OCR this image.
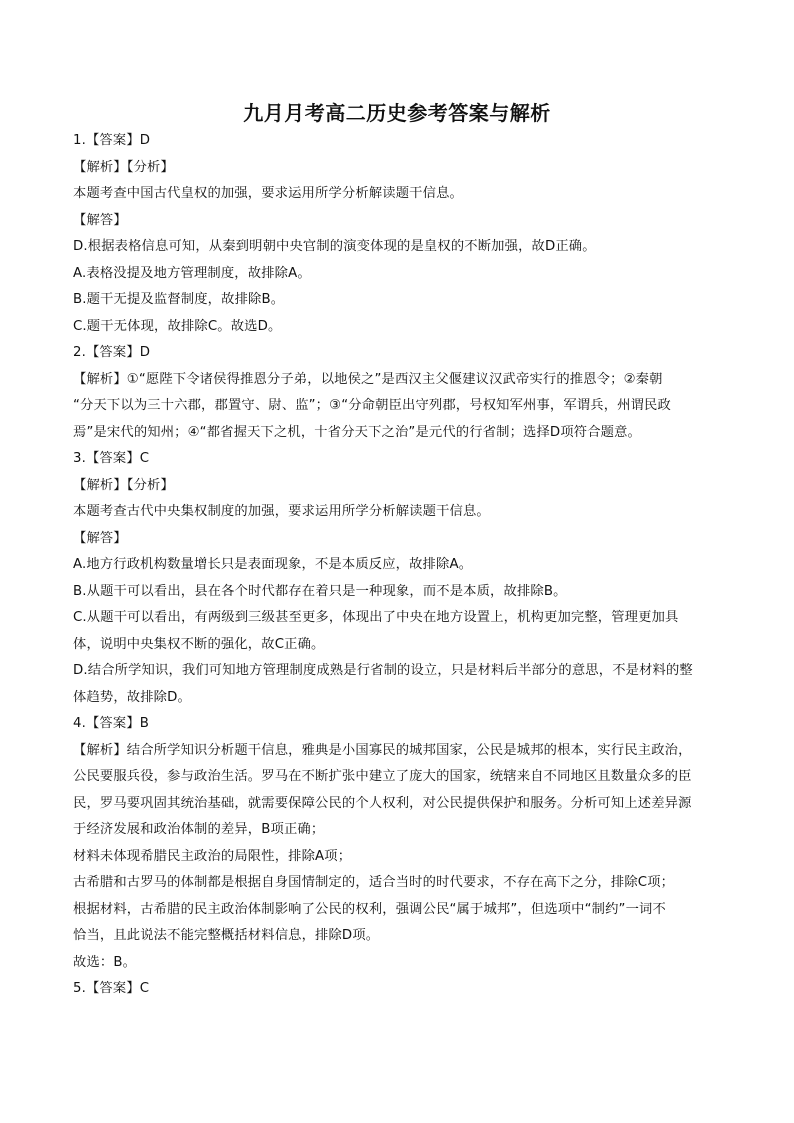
九月月考高二历史参考答案与解析
1.【答案】D
【解析】【分析】
本题考查中国古代皇权的加强，要求运用所学分析解读题干信息。
【解答】
D.根据表格信息可知，从秦到明朝中央官制的演变体现的是皇权的不断加强，故D正确。
A.表格没提及地方管理制度，故排除A。
B.题干无提及监督制度，故排除B。
C.题干无体现，故排除C。故选D。
2.【答案】D
【解析】①“愿陛下令诸侯得推恩分子弟，以地侯之”是西汉主父偃建议汉武帝实行的推恩令；②秦朝
“分天下以为三十六郡，郡置守、尉、监”；③“分命朝臣出守列郡，号权知军州事，军谓兵，州谓民政
焉”是宋代的知州；④“都省握天下之机，十省分天下之治”是元代的行省制；选择D项符合题意。
3.【答案】C
【解析】【分析】
本题考查古代中央集权制度的加强，要求运用所学分析解读题干信息。
【解答】
A.地方行政机构数量增长只是表面现象，不是本质反应，故排除A。
B.从题干可以看出，县在各个时代都存在着只是一种现象，而不是本质，故排除B。
C.从题干可以看出，有两级到三级甚至更多，体现出了中央在地方设置上，机构更加完整，管理更加具
体，说明中央集权不断的强化，故C正确。
D.结合所学知识，我们可知地方管理制度成熟是行省制的设立，只是材料后半部分的意思，不是材料的整
体趋势，故排除D。
4.【答案】B
【解析】结合所学知识分析题干信息，雅典是小国寡民的城邦国家，公民是城邦的根本，实行民主政治，
公民要服兵役，参与政治生活。罗马在不断扩张中建立了庞大的国家，统辖来自不同地区且数量众多的臣
民，罗马要巩固其统治基础，就需要保障公民的个人权利，对公民提供保护和服务。分析可知上述差异源
于经济发展和政治体制的差异，B项正确；
材料未体现希腊民主政治的局限性，排除A项；
古希腊和古罗马的体制都是根据自身国情制定的，适合当时的时代要求，不存在高下之分，排除C项；
根据材料，古希腊的民主政治体制影响了公民的权利，强调公民“属于城邦”，但选项中“制约”一词不
恰当，且此说法不能完整概括材料信息，排除D项。
故选：B。
5.【答案】C
